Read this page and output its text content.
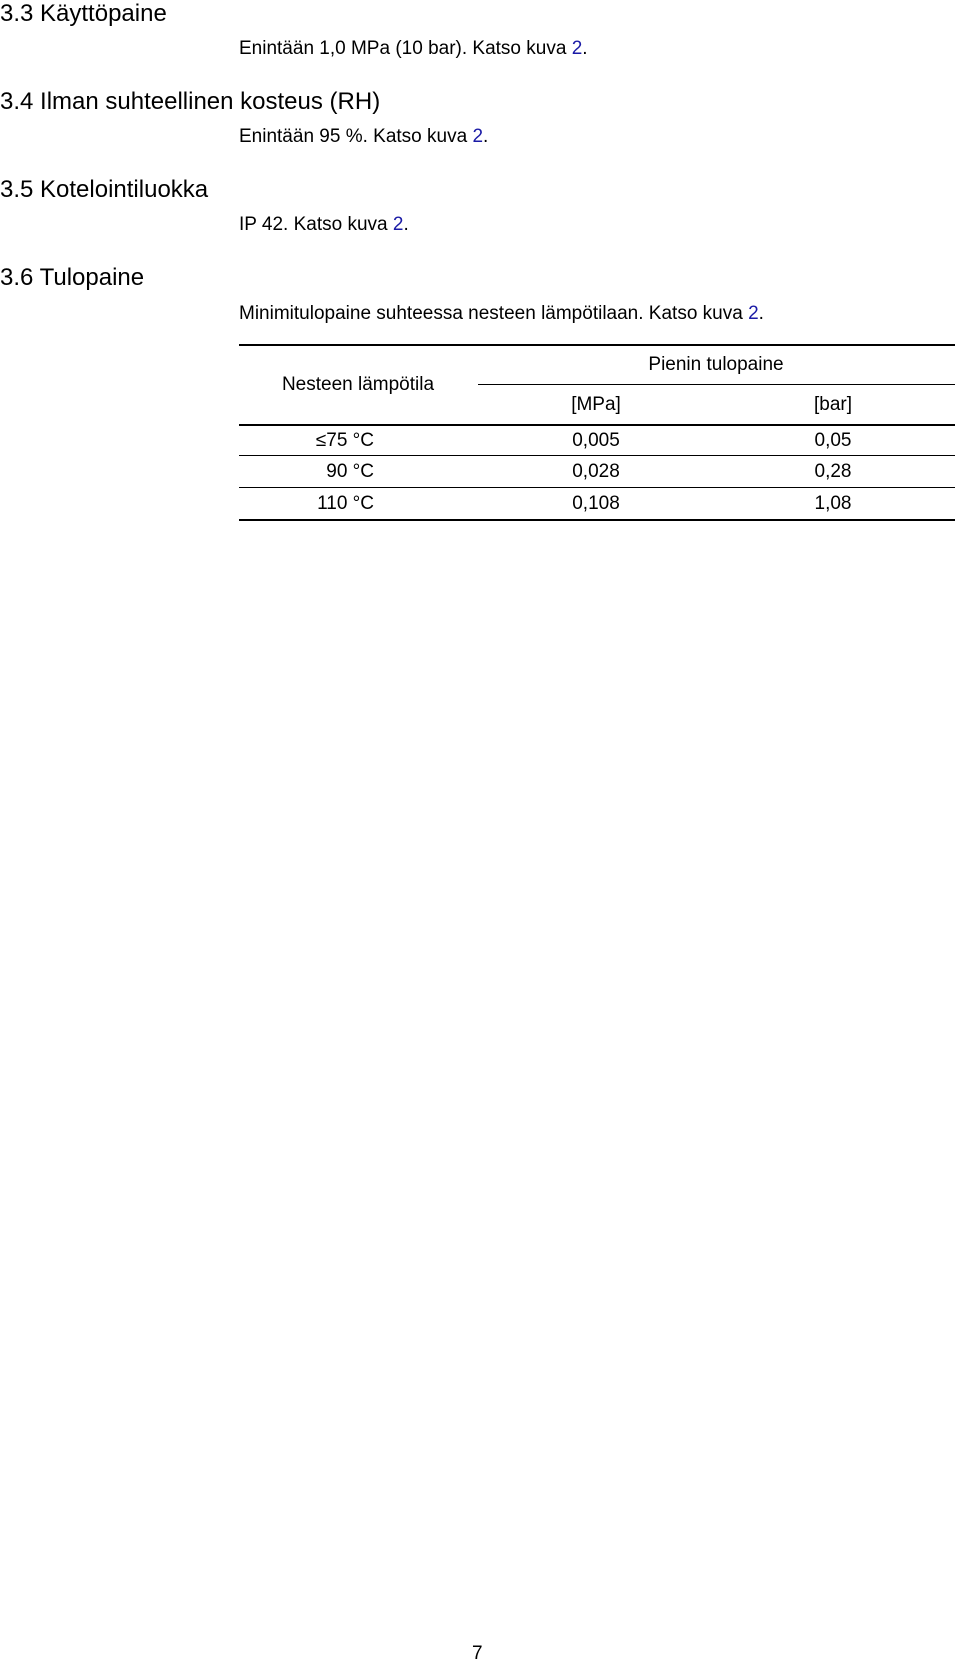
3.3 Käyttöpaine

Enintään 1,0 MPa (10 bar). Katso kuva 2.

3.4 Ilman suhteellinen kosteus (RH)

Enintään 95 %. Katso kuva 2.

3.5 Kotelointiluokka

IP 42. Katso kuva 2.

3.6 Tulopaine

Minimitulopaine suhteessa nesteen lämpötilaan. Katso kuva 2.

Nesteen lämpötila
Pienin tulopaine
[MPa]	[bar]
≤75 °C	0,005	0,05
90 °C	0,028	0,28
110 °C	0,108	1,08
7
